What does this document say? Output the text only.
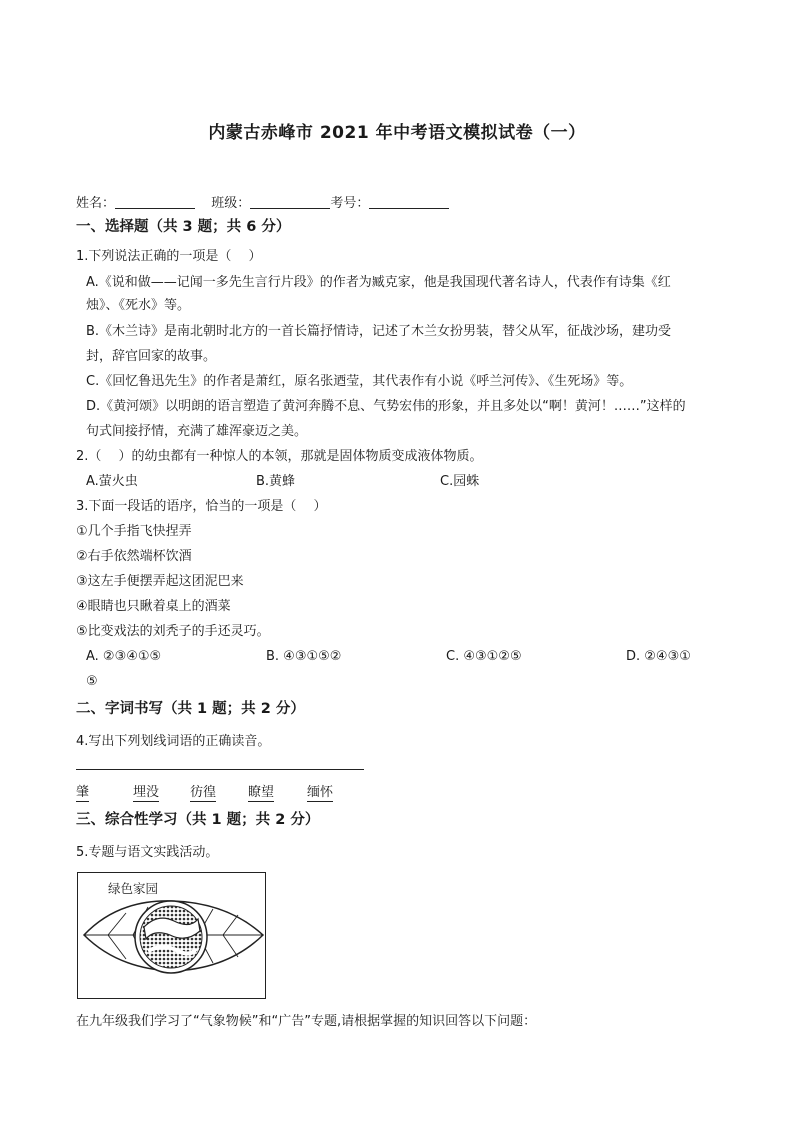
内蒙古赤峰市 2021 年中考语文模拟试卷（一）
姓名：	班级：	考号：
一、选择题（共 3 题；共 6 分）
1.下列说法正确的一项是（　 ）
A.《说和做——记闻一多先生言行片段》的作者为臧克家，他是我国现代著名诗人，代表作有诗集《红
烛》、《死水》等。
B.《木兰诗》是南北朝时北方的一首长篇抒情诗，记述了木兰女扮男装，替父从军，征战沙场，建功受
封，辞官回家的故事。
C.《回忆鲁迅先生》的作者是萧红，原名张迺莹，其代表作有小说《呼兰河传》、《生死场》等。
D.《黄河颂》以明朗的语言塑造了黄河奔腾不息、气势宏伟的形象，并且多处以“啊！黄河！……”这样的
句式间接抒情，充满了雄浑豪迈之美。
2.（　 ）的幼虫都有一种惊人的本领，那就是固体物质变成液体物质。
A.萤火虫	B.黄蜂	C.园蛛
3.下面一段话的语序，恰当的一项是（　 ）
①几个手指飞快捏弄
②右手依然端杯饮酒
③这左手便摆弄起这团泥巴来
④眼睛也只瞅着桌上的酒菜
⑤比变戏法的刘秃子的手还灵巧。
A. ②③④①⑤	B. ④③①⑤②	C. ④③①②⑤	D. ②④③①
⑤
二、字词书写（共 1 题；共 2 分）
4.写出下列划线词语的正确读音。
肇	埋没 彷徨 瞭望	缅怀
三、综合性学习（共 1 题；共 2 分）
5.专题与语文实践活动。
绿色家园
在九年级我们学习了“气象物候”和“广告”专题,请根据掌握的知识回答以下问题：
